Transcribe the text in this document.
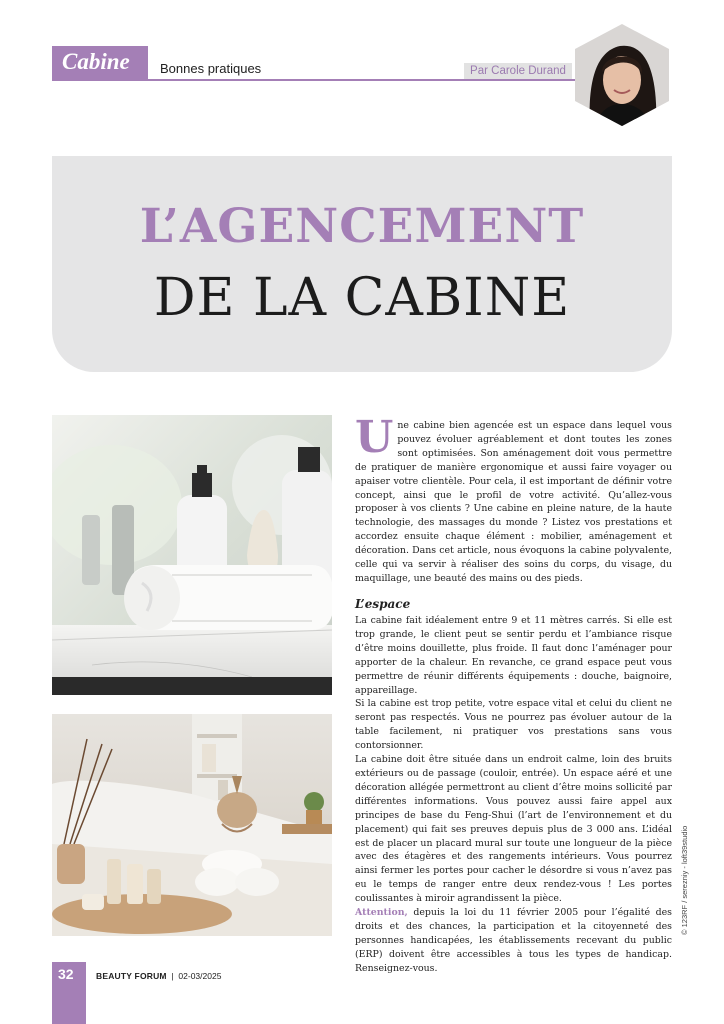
Cabine Bonnes pratiques	Par Carole Durand
L’AGENCEMENT
DE LA CABINE
Une cabine bien agencée est un espace dans lequel vous pouvez évoluer agréablement et dont toutes les zones sont optimisées. Son aménagement doit vous permettre de pratiquer de manière ergonomique et aussi faire voyager ou apaiser votre clientèle. Pour cela, il est important de définir votre concept, ainsi que le profil de votre activité. Qu’allez-vous proposer à vos clients ? Une cabine en pleine nature, de la haute technologie, des massages du monde ? Listez vos prestations et accordez ensuite chaque élément : mobilier, aménagement et décoration. Dans cet article, nous évoquons la cabine polyvalente, celle qui va servir à réaliser des soins du corps, du visage, du maquillage, une beauté des mains ou des pieds.
L’espace

La cabine fait idéalement entre 9 et 11 mètres carrés. Si elle est trop grande, le client peut se sentir perdu et l’ambiance risque d’être moins douillette, plus froide. Il faut donc l’aménager pour apporter de la chaleur. En revanche, ce grand espace peut vous permettre de réunir différents équipements : douche, baignoire, appareillage.

Si la cabine est trop petite, votre espace vital et celui du client ne seront pas respectés. Vous ne pourrez pas évoluer autour de la table facilement, ni pratiquer vos prestations sans vous contorsionner.

La cabine doit être située dans un endroit calme, loin des bruits extérieurs ou de passage (couloir, entrée). Un espace aéré et une décoration allégée permettront au client d’être moins sollicité par différentes informations. Vous pouvez aussi faire appel aux principes de base du Feng-Shui (l’art de l’environnement et du placement) qui fait ses preuves depuis plus de 3 000 ans. L’idéal est de placer un placard mural sur toute une longueur de la pièce avec des étagères et des rangements intérieurs. Vous pourrez ainsi fermer les portes pour cacher le désordre si vous n’avez pas eu le temps de ranger entre deux rendez-vous ! Les portes coulissantes à miroir agrandissent la pièce.

Attention, depuis la loi du 11 février 2005 pour l’égalité des droits et des chances, la participation et la citoyenneté des personnes handicapées, les établissements recevant du public (ERP) doivent être accessibles à tous les types de handicap. Renseignez-vous.

© 123RF / serezniy - loft39studio
32	BEAUTY FORUM  |  02-03/2025
